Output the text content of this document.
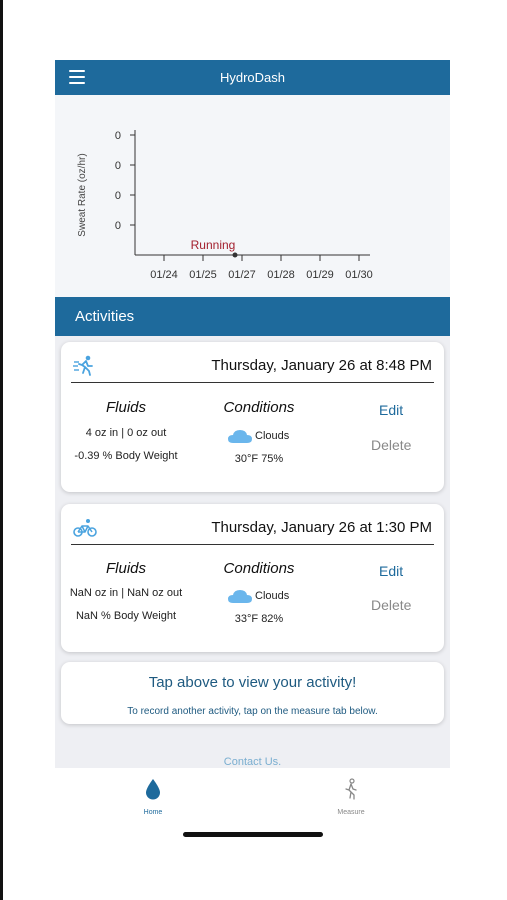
HydroDash
Sweat Rate (oz/hr)
0
0
0
0
01/24 01/25 01/27 01/28 01/29 01/30
Running
Activities
Thursday, January 26 at 8:48 PM
Fluids
4 oz in | 0 oz out
-0.39 % Body Weight
Conditions
Clouds
30°F 75%
Edit
Delete
Thursday, January 26 at 1:30 PM
Fluids
NaN oz in | NaN oz out
NaN % Body Weight
Conditions
Clouds
33°F 82%
Edit
Delete
Tap above to view your activity!
To record another activity, tap on the measure tab below.
Contact Us.
Home	Measure
